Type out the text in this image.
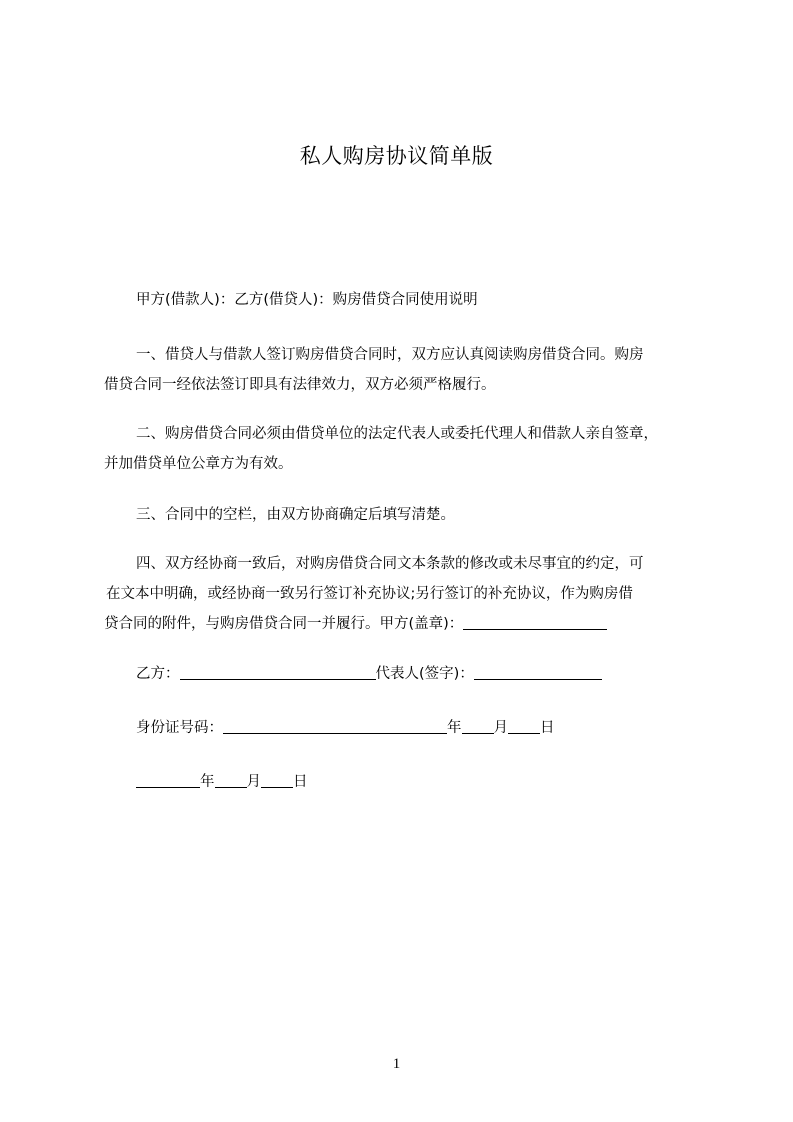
私人购房协议简单版
甲方(借款人)：乙方(借贷人)：购房借贷合同使用说明
一、借贷人与借款人签订购房借贷合同时，双方应认真阅读购房借贷合同。购房
借贷合同一经依法签订即具有法律效力，双方必须严格履行。
二、购房借贷合同必须由借贷单位的法定代表人或委托代理人和借款人亲自签章，
并加借贷单位公章方为有效。
三、合同中的空栏，由双方协商确定后填写清楚。
四、双方经协商一致后，对购房借贷合同文本条款的修改或未尽事宜的约定，可
在文本中明确，或经协商一致另行签订补充协议;另行签订的补充协议，作为购房借
贷合同的附件，与购房借贷合同一并履行。甲方(盖章)：
乙方：	代表人(签字)：
身份证号码：	年 月 日
年 月 日
1
